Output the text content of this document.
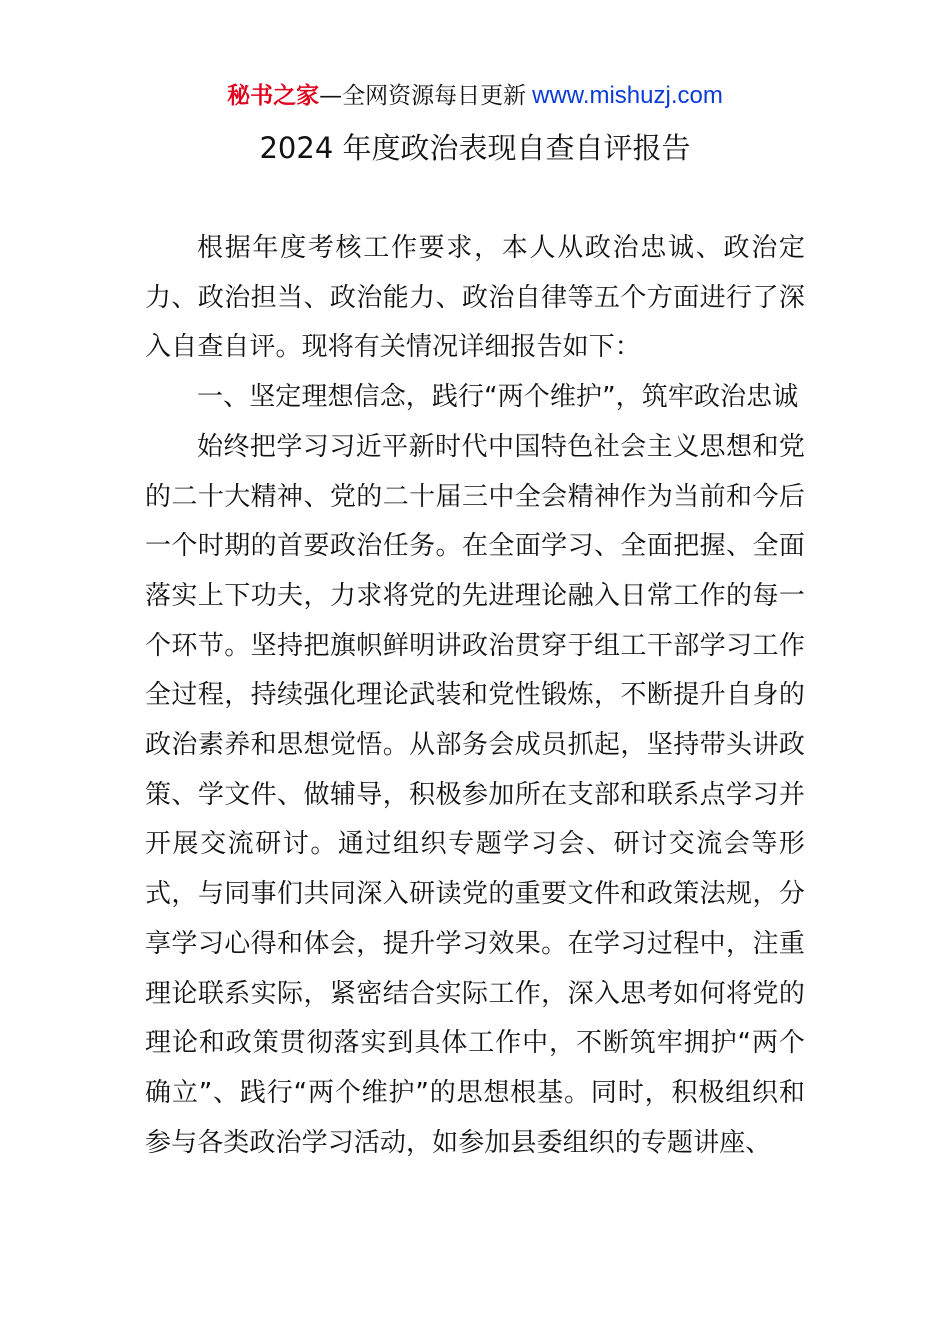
秘书之家—全网资源每日更新 www.mishuzj.com
2024 年度政治表现自查自评报告

根据年度考核工作要求，本人从政治忠诚、政治定力、政治担当、政治能力、政治自律等五个方面进行了深入自查自评。现将有关情况详细报告如下：

一、坚定理想信念，践行“两个维护”，筑牢政治忠诚

始终把学习习近平新时代中国特色社会主义思想和党的二十大精神、党的二十届三中全会精神作为当前和今后一个时期的首要政治任务。在全面学习、全面把握、全面落实上下功夫，力求将党的先进理论融入日常工作的每一个环节。坚持把旗帜鲜明讲政治贯穿于组工干部学习工作全过程，持续强化理论武装和党性锻炼，不断提升自身的政治素养和思想觉悟。从部务会成员抓起，坚持带头讲政策、学文件、做辅导，积极参加所在支部和联系点学习并开展交流研讨。通过组织专题学习会、研讨交流会等形式，与同事们共同深入研读党的重要文件和政策法规，分享学习心得和体会，提升学习效果。在学习过程中，注重理论联系实际，紧密结合实际工作，深入思考如何将党的理论和政策贯彻落实到具体工作中，不断筑牢拥护“两个确立”、践行“两个维护”的思想根基。同时，积极组织和参与各类政治学习活动，如参加县委组织的专题讲座、
